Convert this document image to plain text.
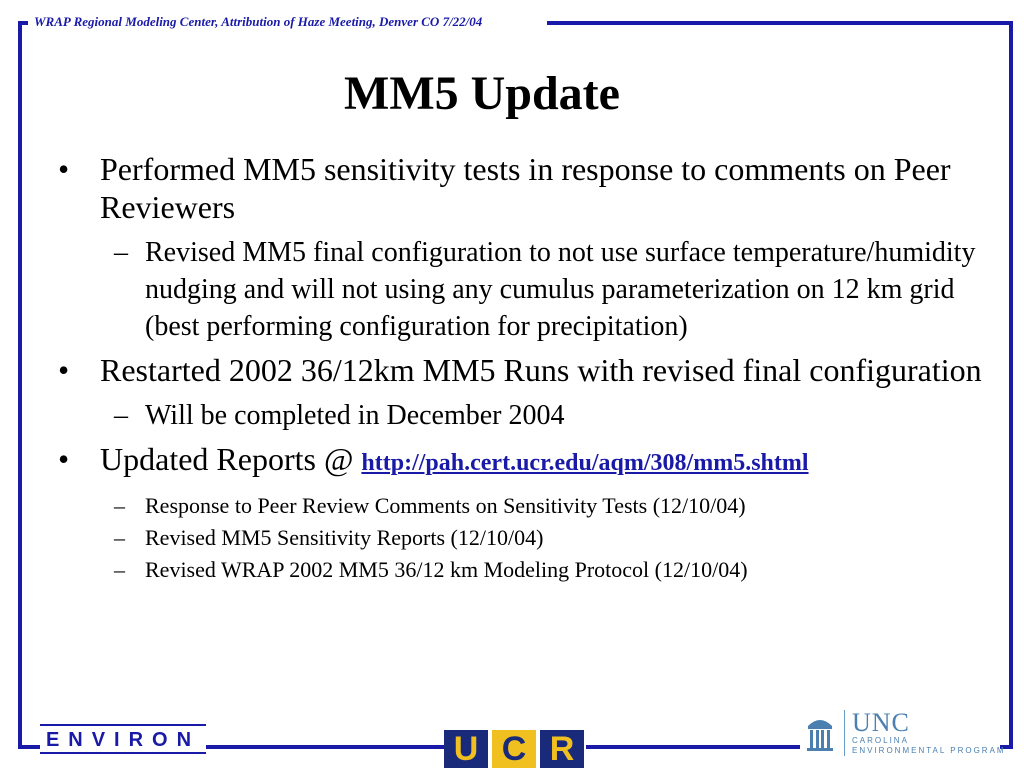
WRAP Regional Modeling Center, Attribution of Haze Meeting, Denver CO 7/22/04
MM5 Update
• Performed MM5 sensitivity tests in response to comments on Peer Reviewers
– Revised MM5 final configuration to not use surface temperature/humidity nudging and will not using any cumulus parameterization on 12 km grid (best performing configuration for precipitation)
• Restarted 2002 36/12km MM5 Runs with revised final configuration
– Will be completed in December 2004
• Updated Reports @ http://pah.cert.ucr.edu/aqm/308/mm5.shtml
– Response to Peer Review Comments on Sensitivity Tests (12/10/04)
– Revised MM5 Sensitivity Reports (12/10/04)
– Revised WRAP 2002 MM5 36/12 km Modeling Protocol (12/10/04)
ENVIRON	U C R
UNC
CAROLINA
ENVIRONMENTAL PROGRAM
